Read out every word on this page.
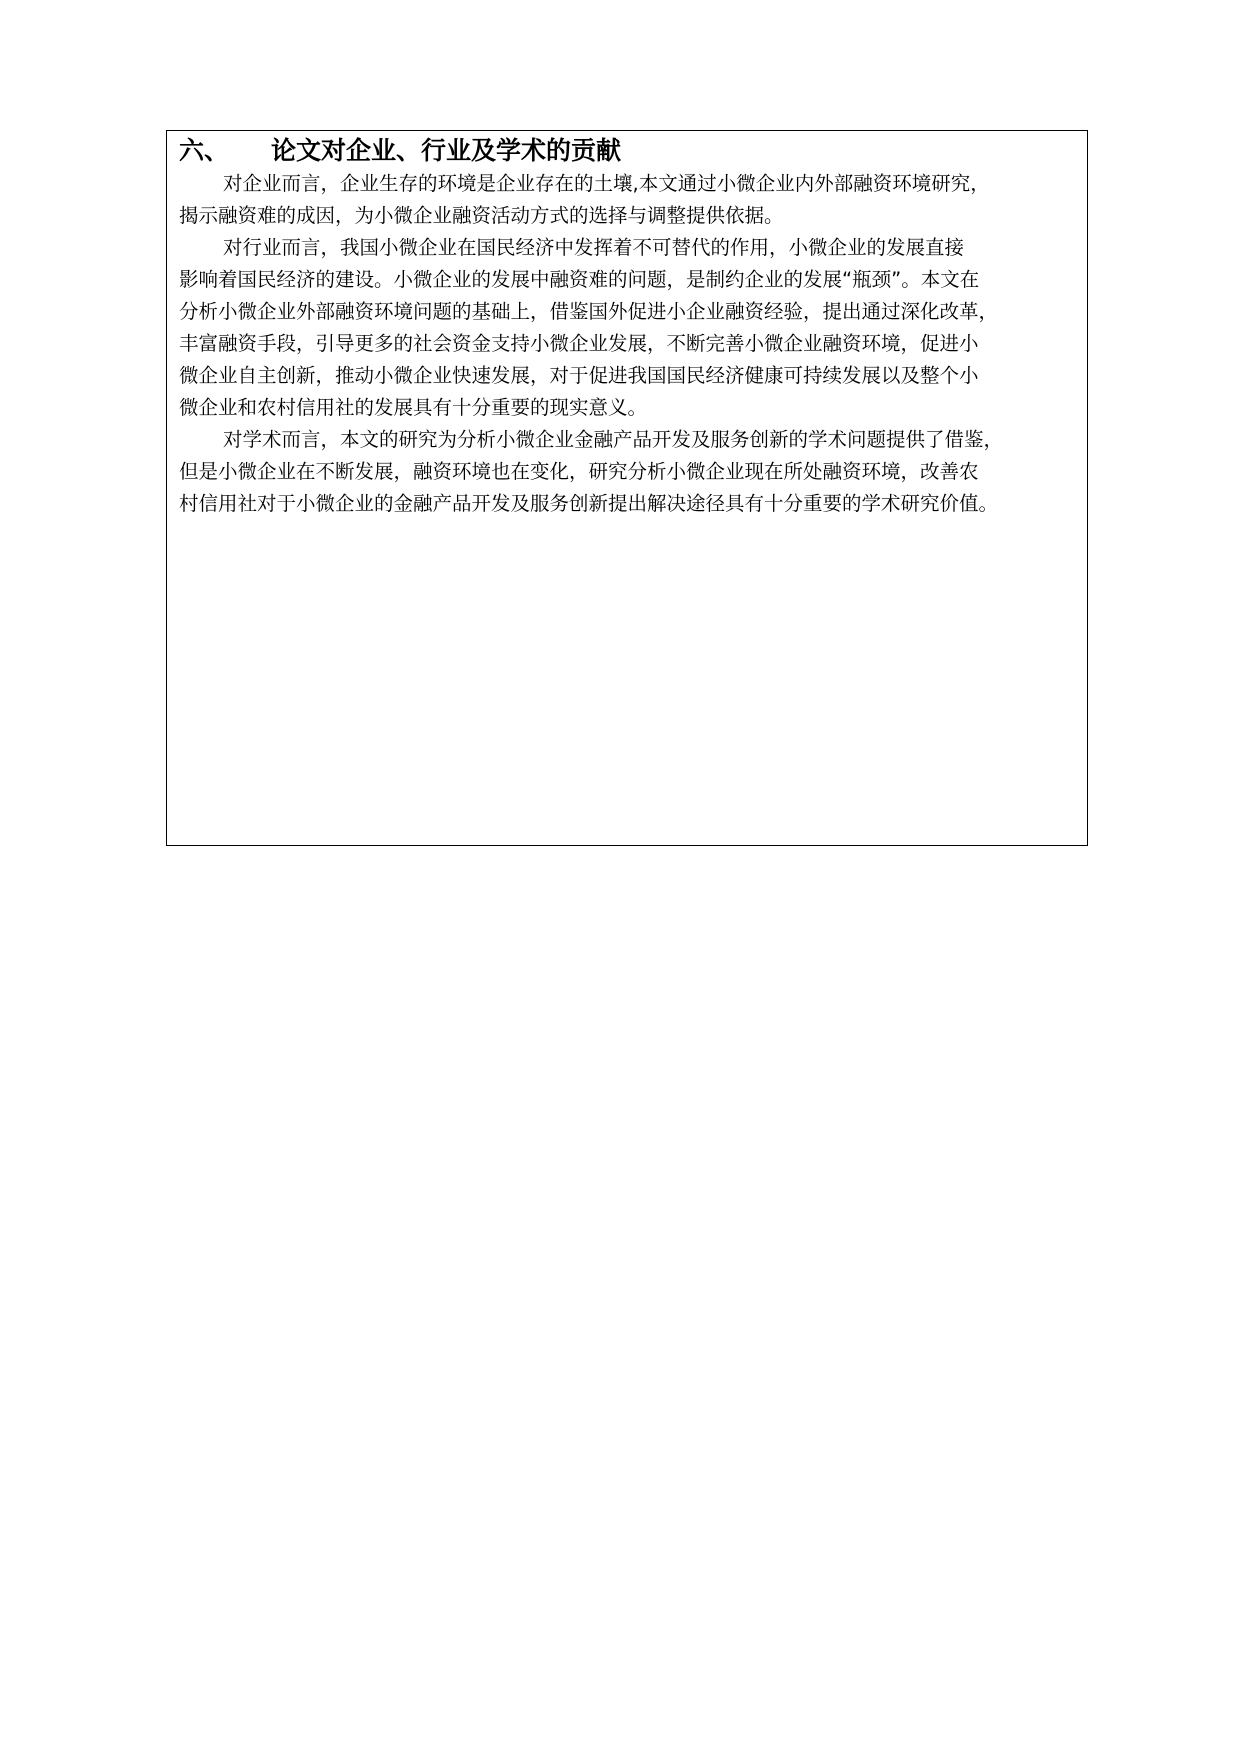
六、 论文对企业、行业及学术的贡献
对企业而言，企业生存的环境是企业存在的土壤,本文通过小微企业内外部融资环境研究，
揭示融资难的成因，为小微企业融资活动方式的选择与调整提供依据。
对行业而言，我国小微企业在国民经济中发挥着不可替代的作用，小微企业的发展直接
影响着国民经济的建设。小微企业的发展中融资难的问题，是制约企业的发展“瓶颈”。本文在
分析小微企业外部融资环境问题的基础上，借鉴国外促进小企业融资经验，提出通过深化改革，
丰富融资手段，引导更多的社会资金支持小微企业发展，不断完善小微企业融资环境，促进小
微企业自主创新，推动小微企业快速发展，对于促进我国国民经济健康可持续发展以及整个小
微企业和农村信用社的发展具有十分重要的现实意义。
对学术而言，本文的研究为分析小微企业金融产品开发及服务创新的学术问题提供了借鉴，
但是小微企业在不断发展，融资环境也在变化，研究分析小微企业现在所处融资环境，改善农
村信用社对于小微企业的金融产品开发及服务创新提出解决途径具有十分重要的学术研究价值。
